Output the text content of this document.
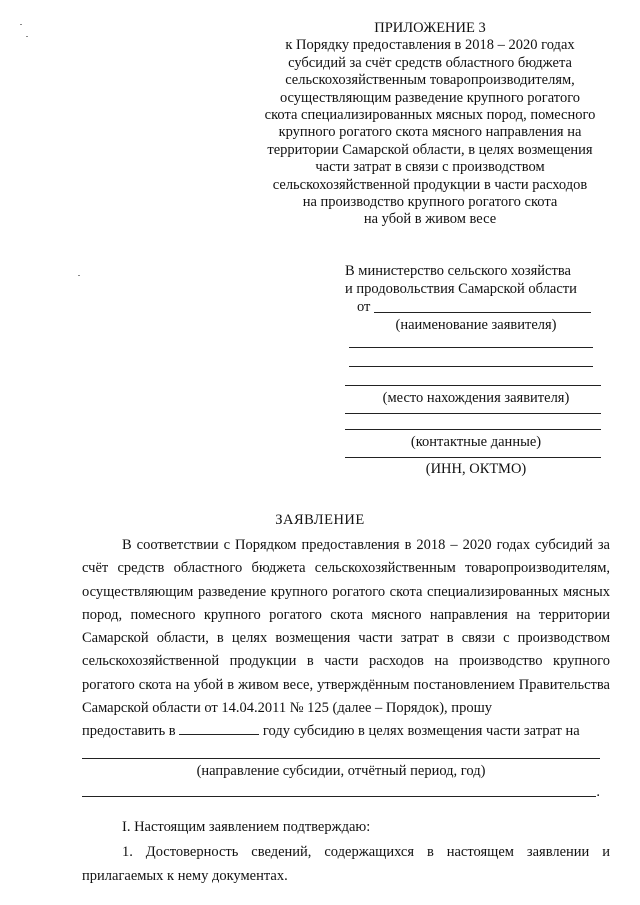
ПРИЛОЖЕНИЕ 3
к Порядку предоставления в 2018 – 2020 годах
субсидий за счёт средств областного бюджета
сельскохозяйственным товаропроизводителям,
осуществляющим разведение крупного рогатого
скота специализированных мясных пород, помесного
крупного рогатого скота мясного направления на
территории Самарской области, в целях возмещения
части затрат в связи с производством
сельскохозяйственной продукции в части расходов
на производство крупного рогатого скота
на убой в живом весе
В министерство сельского хозяйства
и продовольствия Самарской области
от
(наименование заявителя)
(место нахождения заявителя)
(контактные данные)
(ИНН, ОКТМО)
ЗАЯВЛЕНИЕ

В соответствии с Порядком предоставления в 2018 – 2020 годах субсидий за счёт средств областного бюджета сельскохозяйственным товаропроизводителям, осуществляющим разведение крупного рогатого скота специализированных мясных пород, помесного крупного рогатого скота мясного направления на территории Самарской области, в целях возмещения части затрат в связи с производством сельскохозяйственной продукции в части расходов на производство крупного рогатого скота на убой в живом весе, утверждённым постановлением Правительства Самарской области от 14.04.2011 № 125 (далее – Порядок), прошу

предоставить в	году субсидию в целях возмещения части затрат на

(направление субсидии, отчётный период, год)
.

I. Настоящим заявлением подтверждаю:

1. Достоверность сведений, содержащихся в настоящем заявлении и прилагаемых к нему документах.
